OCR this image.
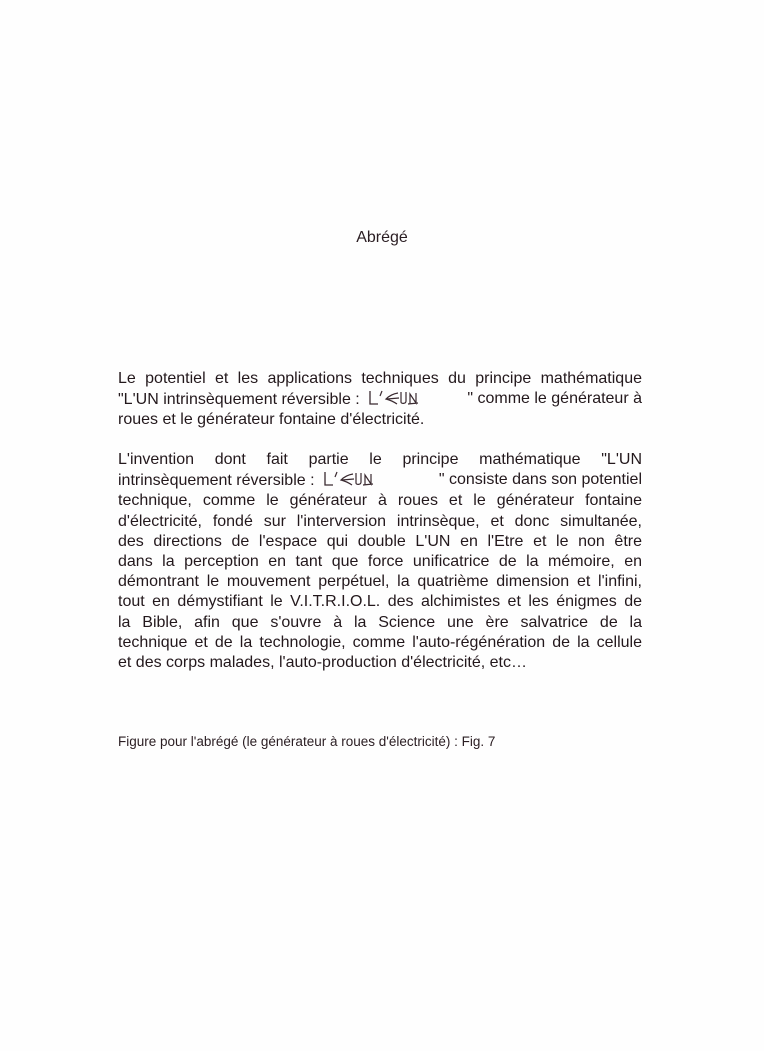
Abrégé
Le potentiel et les applications techniques du principe mathématique
"L'UN intrinsèquement réversible :	" comme le générateur à
roues et le générateur fontaine d'électricité.
L'invention dont fait partie le principe mathématique "L'UN
intrinsèquement réversible :	" consiste dans son potentiel
technique, comme le générateur à roues et le générateur fontaine
d'électricité, fondé sur l'interversion intrinsèque, et donc simultanée,
des directions de l'espace qui double L'UN en l'Etre et le non être
dans la perception en tant que force unificatrice de la mémoire, en
démontrant le mouvement perpétuel, la quatrième dimension et l'infini,
tout en démystifiant le V.I.T.R.I.O.L. des alchimistes et les énigmes de
la Bible, afin que s'ouvre à la Science une ère salvatrice de la
technique et de la technologie, comme l'auto-régénération de la cellule
et des corps malades, l'auto-production d'électricité, etc…
Figure pour l'abrégé (le générateur à roues d'électricité) : Fig. 7
